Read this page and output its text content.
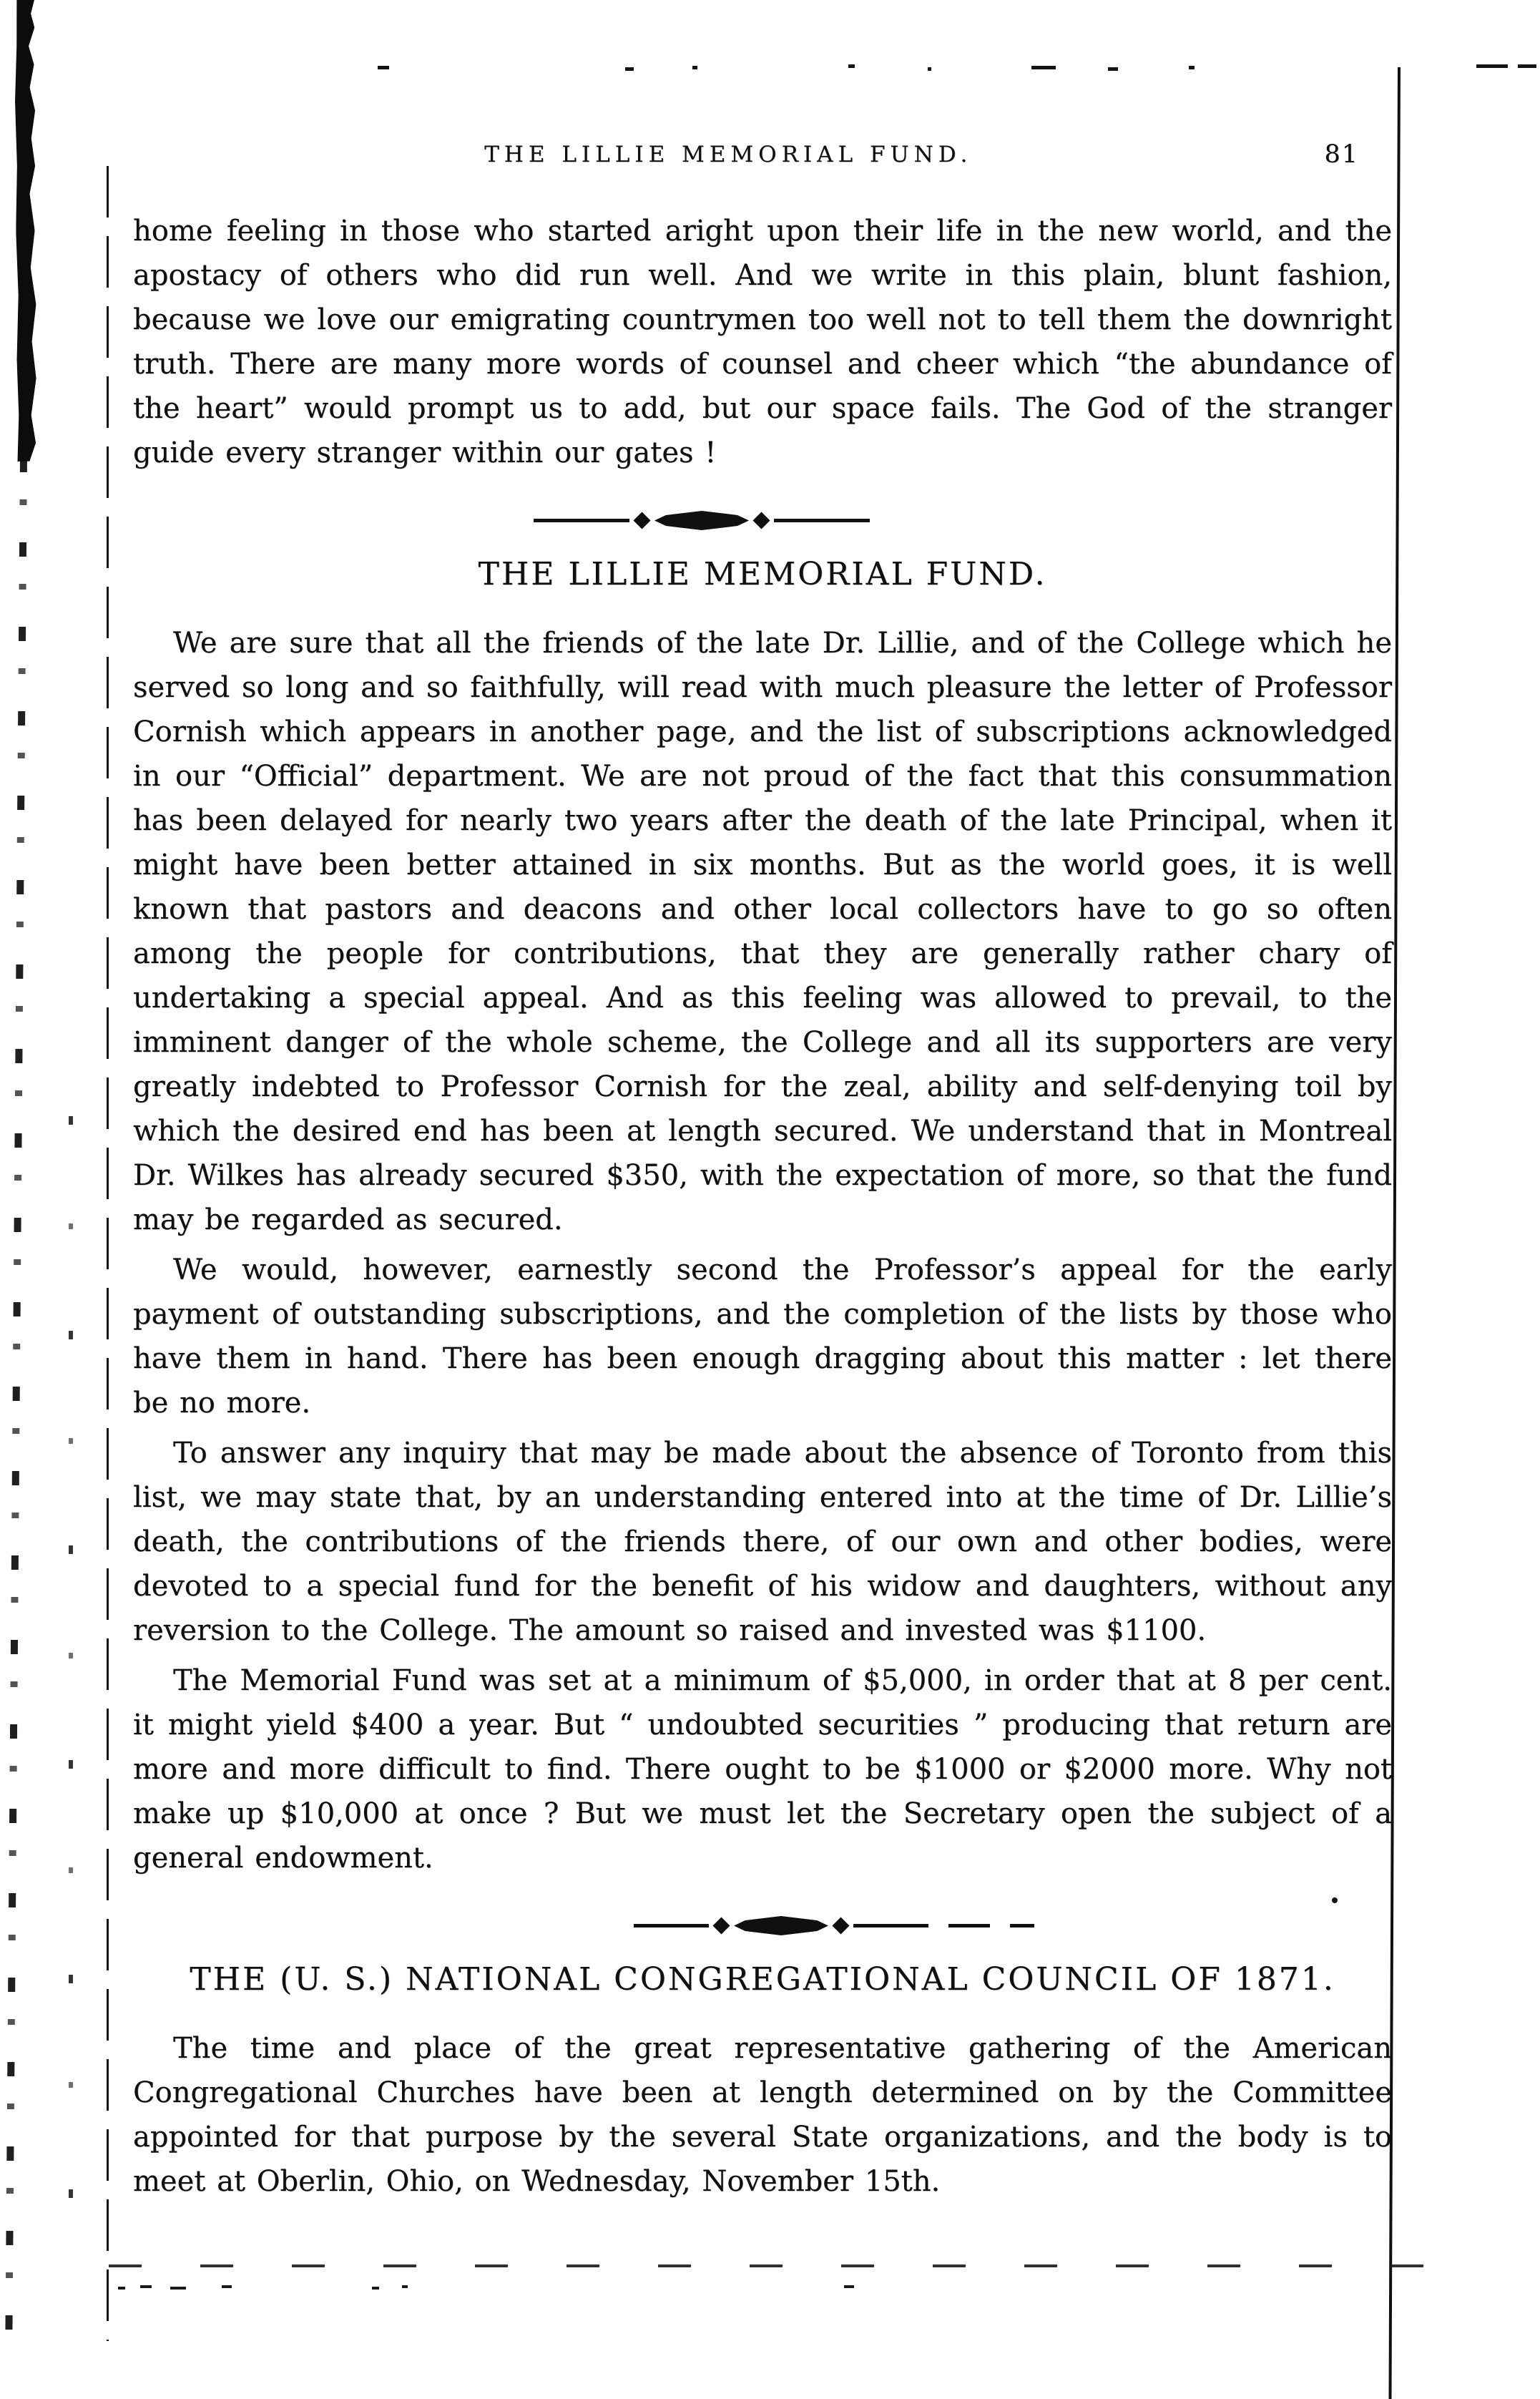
THE LILLIE MEMORIAL FUND.	81

home feeling in those who started aright upon their life in the new world, and the apostacy of others who did run well. And we write in this plain, blunt fashion, because we love our emigrating countrymen too well not to tell them the downright truth. There are many more words of counsel and cheer which “the abundance of the heart” would prompt us to add, but our space fails. The God of the stranger guide every stranger within our gates !

THE LILLIE MEMORIAL FUND.

We are sure that all the friends of the late Dr. Lillie, and of the College which he served so long and so faithfully, will read with much pleasure the letter of Professor Cornish which appears in another page, and the list of subscriptions acknowledged in our “Official” department. We are not proud of the fact that this consummation has been delayed for nearly two years after the death of the late Principal, when it might have been better attained in six months. But as the world goes, it is well known that pastors and deacons and other local collectors have to go so often among the people for contributions, that they are generally rather chary of undertaking a special appeal. And as this feeling was allowed to prevail, to the imminent danger of the whole scheme, the College and all its supporters are very greatly indebted to Professor Cornish for the zeal, ability and self-denying toil by which the desired end has been at length secured. We understand that in Montreal Dr. Wilkes has already secured $350, with the expectation of more, so that the fund may be regarded as secured.

We would, however, earnestly second the Professor’s appeal for the early payment of outstanding subscriptions, and the completion of the lists by those who have them in hand. There has been enough dragging about this matter : let there be no more.

To answer any inquiry that may be made about the absence of Toronto from this list, we may state that, by an understanding entered into at the time of Dr. Lillie’s death, the contributions of the friends there, of our own and other bodies, were devoted to a special fund for the benefit of his widow and daughters, without any reversion to the College. The amount so raised and invested was $1100.

The Memorial Fund was set at a minimum of $5,000, in order that at 8 per cent. it might yield $400 a year. But “ undoubted securities ” producing that return are more and more difficult to find. There ought to be $1000 or $2000 more. Why not make up $10,000 at once ? But we must let the Secretary open the subject of a general endowment.

THE (U. S.) NATIONAL CONGREGATIONAL COUNCIL OF 1871.

The time and place of the great representative gathering of the American Congregational Churches have been at length determined on by the Committee appointed for that purpose by the several State organizations, and the body is to meet at Oberlin, Ohio, on Wednesday, November 15th.
